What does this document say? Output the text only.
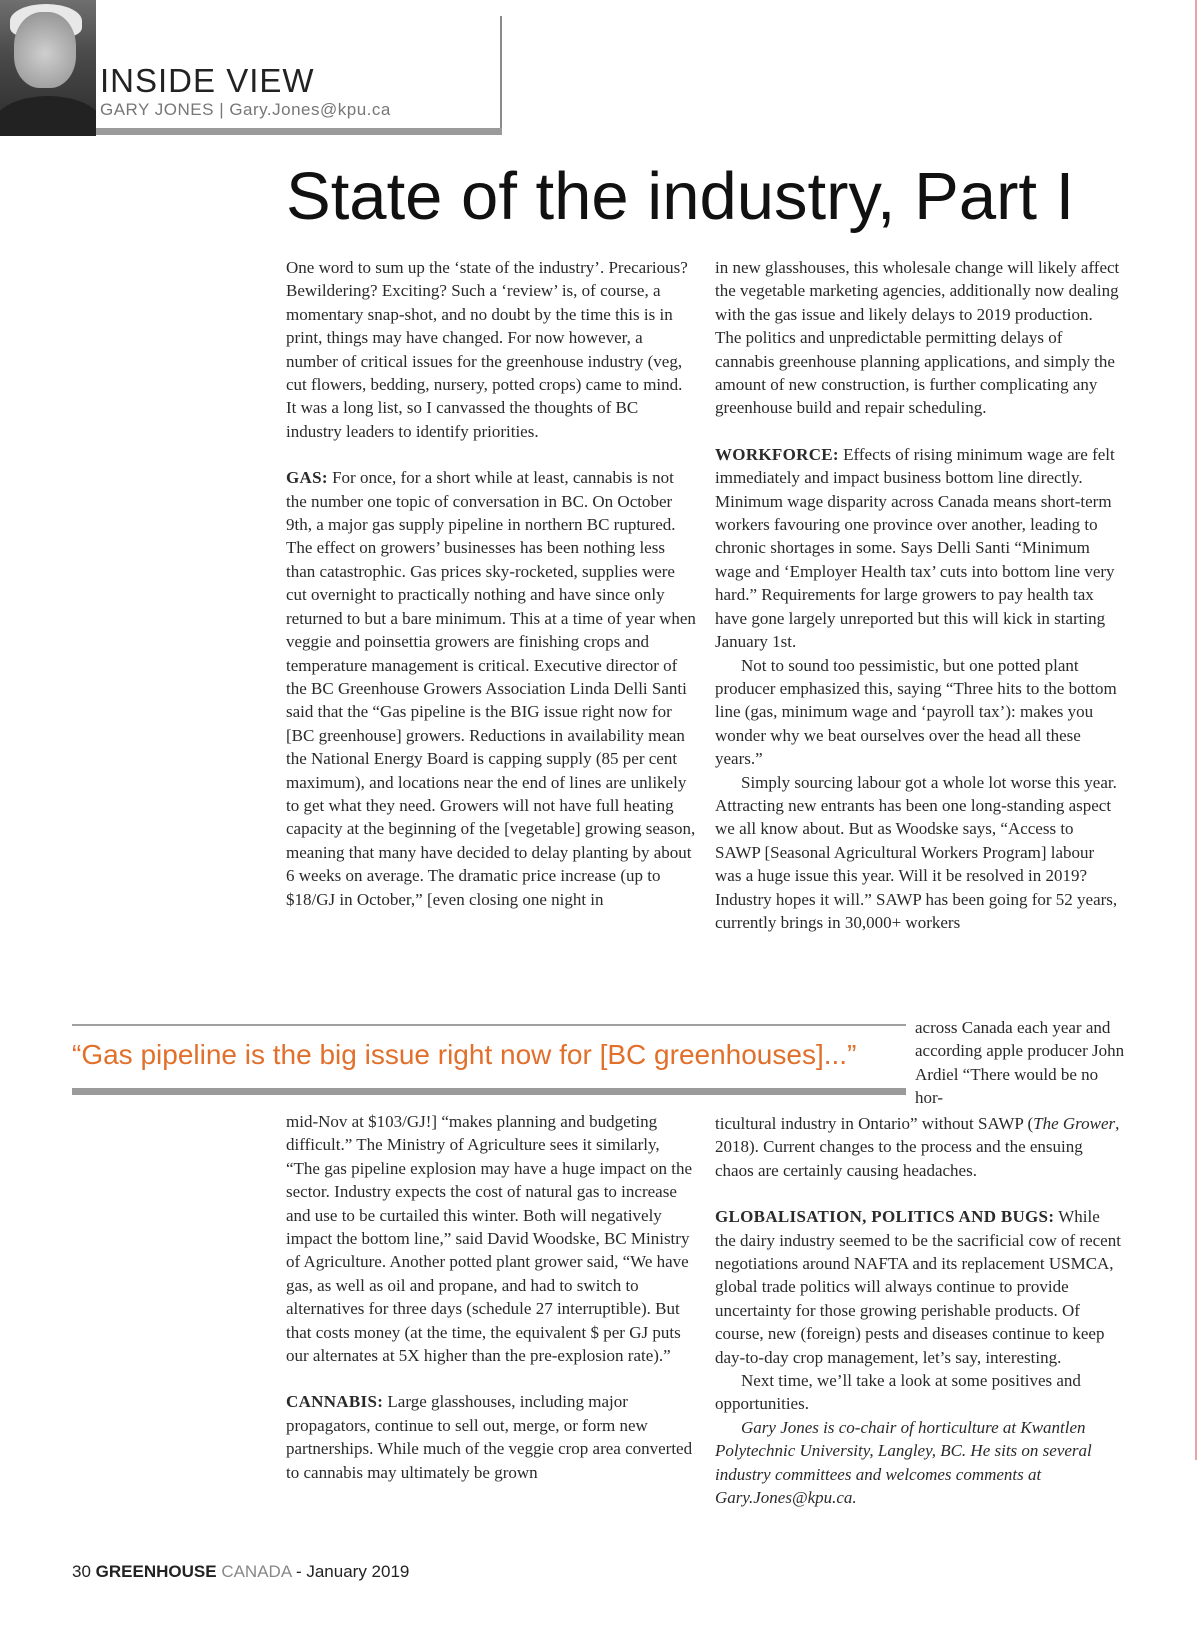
INSIDE VIEW

GARY JONES | Gary.Jones@kpu.ca

State of the industry, Part I

One word to sum up the ‘state of the industry’. Precarious? Bewildering? Exciting? Such a ‘review’ is, of course, a momentary snap-shot, and no doubt by the time this is in print, things may have changed. For now however, a number of critical issues for the greenhouse industry (veg, cut flowers, bedding, nursery, potted crops) came to mind. It was a long list, so I canvassed the thoughts of BC industry leaders to identify priorities.

GAS: For once, for a short while at least, cannabis is not the number one topic of conversation in BC. On October 9th, a major gas supply pipeline in northern BC ruptured. The effect on growers’ businesses has been nothing less than catastrophic. Gas prices sky-rocketed, supplies were cut overnight to practically nothing and have since only returned to but a bare minimum. This at a time of year when veggie and poinsettia growers are finishing crops and temperature management is critical. Executive director of the BC Greenhouse Growers Association Linda Delli Santi said that the “Gas pipeline is the BIG issue right now for [BC greenhouse] growers. Reductions in availability mean the National Energy Board is capping supply (85 per cent maximum), and locations near the end of lines are unlikely to get what they need. Growers will not have full heating capacity at the beginning of the [vegetable] growing season, meaning that many have decided to delay planting by about 6 weeks on average. The dramatic price increase (up to $18/GJ in October,” [even closing one night in

mid-Nov at $103/GJ!] “makes planning and budgeting difficult.” The Ministry of Agriculture sees it similarly, “The gas pipeline explosion may have a huge impact on the sector. Industry expects the cost of natural gas to increase and use to be curtailed this winter. Both will negatively impact the bottom line,” said David Woodske, BC Ministry of Agriculture. Another potted plant grower said, “We have gas, as well as oil and propane, and had to switch to alternatives for three days (schedule 27 interruptible). But that costs money (at the time, the equivalent $ per GJ puts our alternates at 5X higher than the pre-explosion rate).”

CANNABIS: Large glasshouses, including major propagators, continue to sell out, merge, or form new partnerships. While much of the veggie crop area converted to cannabis may ultimately be grown

in new glasshouses, this wholesale change will likely affect the vegetable marketing agencies, additionally now dealing with the gas issue and likely delays to 2019 production. The politics and unpredictable permitting delays of cannabis greenhouse planning applications, and simply the amount of new construction, is further complicating any greenhouse build and repair scheduling.

WORKFORCE: Effects of rising minimum wage are felt immediately and impact business bottom line directly. Minimum wage disparity across Canada means short-term workers favouring one province over another, leading to chronic shortages in some. Says Delli Santi “Minimum wage and ‘Employer Health tax’ cuts into bottom line very hard.” Requirements for large growers to pay health tax have gone largely unreported but this will kick in starting January 1st.

Not to sound too pessimistic, but one potted plant producer emphasized this, saying “Three hits to the bottom line (gas, minimum wage and ‘payroll tax’): makes you wonder why we beat ourselves over the head all these years.”

Simply sourcing labour got a whole lot worse this year. Attracting new entrants has been one long-standing aspect we all know about. But as Woodske says, “Access to SAWP [Seasonal Agricultural Workers Program] labour was a huge issue this year. Will it be resolved in 2019? Industry hopes it will.” SAWP has been going for 52 years, currently brings in 30,000+ workers

across Canada each year and according apple producer John Ardiel “There would be no hor-

ticultural industry in Ontario” without SAWP (The Grower, 2018). Current changes to the process and the ensuing chaos are certainly causing headaches.

GLOBALISATION, POLITICS AND BUGS: While the dairy industry seemed to be the sacrificial cow of recent negotiations around NAFTA and its replacement USMCA, global trade politics will always continue to provide uncertainty for those growing perishable products. Of course, new (foreign) pests and diseases continue to keep day-to-day crop management, let’s say, interesting.

Next time, we’ll take a look at some positives and opportunities.

Gary Jones is co-chair of horticulture at Kwantlen Polytechnic University, Langley, BC. He sits on several industry committees and welcomes comments at Gary.Jones@kpu.ca.

“Gas pipeline is the big issue right now for [BC greenhouses]...”

30 GREENHOUSE CANADA - January 2019
